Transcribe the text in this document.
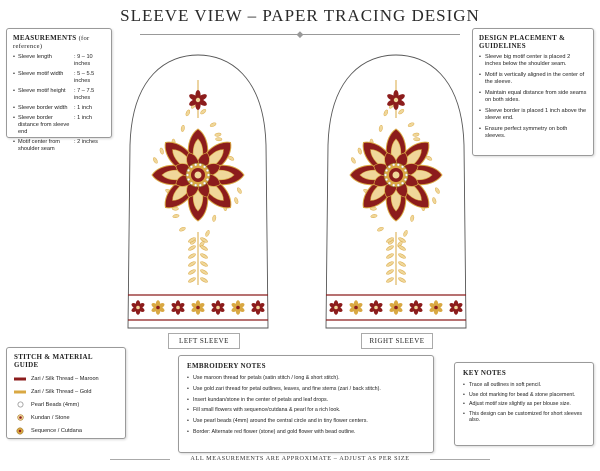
SLEEVE VIEW – PAPER TRACING DESIGN
◆
MEASUREMENTS (for reference)
• Sleeve length	: 9 – 10 inches
• Sleeve motif width	: 5 – 5.5 inches
• Sleeve motif height	: 7 – 7.5 inches
• Sleeve border width	: 1 inch
• Sleeve border distance from sleeve end
: 1 inch
• Motif center from shoulder seam
: 2 inches
DESIGN PLACEMENT & GUIDELINES
• Sleeve big motif center is placed 2 inches below the shoulder seam.
• Motif is vertically aligned in the center of the sleeve.
• Maintain equal distance from side seams on both sides.
• Sleeve border is placed 1 inch above the sleeve end.
• Ensure perfect symmetry on both sleeves.
LEFT SLEEVE	RIGHT SLEEVE
STITCH & MATERIAL GUIDE
Zari / Silk Thread – Maroon
Zari / Silk Thread – Gold
Pearl Beads (4mm)
Kundan / Stone
Sequence / Cutdana
EMBROIDERY NOTES
• Use maroon thread for petals (satin stitch / long & short stitch).
• Use gold zari thread for petal outlines, leaves, and fine stems (zari / back stitch).
• Insert kundan/stone in the center of petals and leaf drops.
• Fill small flowers with sequence/cutdana & pearl for a rich look.
• Use pearl beads (4mm) around the central circle and in tiny flower centers.
• Border: Alternate red flower (stone) and gold flower with bead outline.
KEY NOTES
• Trace all outlines in soft pencil.
• Use dot marking for bead & stone placement.
• Adjust motif size slightly as per blouse size.
• This design can be customized for short sleeves also.
ALL MEASUREMENTS ARE APPROXIMATE – ADJUST AS PER SIZE
